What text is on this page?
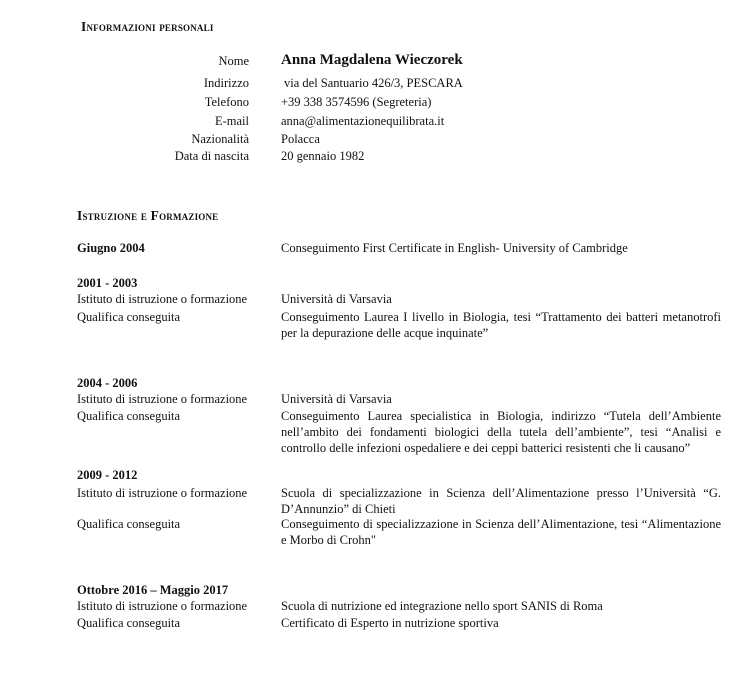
Informazioni personali
Nome Anna Magdalena Wieczorek
Indirizzo	via del Santuario 426/3, PESCARA
Telefono	+39 338 3574596 (Segreteria)
E-mail	anna@alimentazionequilibrata.it
Nazionalità	Polacca
Data di nascita	20 gennaio 1982
Istruzione e Formazione
Giugno 2004	Conseguimento First Certificate in English- University of Cambridge
2001 - 2003
Istituto di istruzione o formazione	Università di Varsavia
Qualifica conseguita	Conseguimento Laurea I livello in Biologia, tesi “Trattamento dei batteri metanotrofi per la depurazione delle acque inquinate”
2004 - 2006
Istituto di istruzione o formazione	Università di Varsavia
Qualifica conseguita	Conseguimento Laurea specialistica in Biologia, indirizzo “Tutela dell’Ambiente nell’ambito dei fondamenti biologici della tutela dell’ambiente”, tesi “Analisi e controllo delle infezioni ospedaliere e dei ceppi batterici resistenti che li causano”
2009 - 2012
Istituto di istruzione o formazione	Scuola di specializzazione in Scienza dell’Alimentazione presso l’Università “G. D’Annunzio” di Chieti
Qualifica conseguita	Conseguimento di specializzazione in Scienza dell’Alimentazione, tesi “Alimentazione e Morbo di Crohn"
Ottobre 2016 – Maggio 2017
Istituto di istruzione o formazione	Scuola di nutrizione ed integrazione nello sport SANIS di Roma
Qualifica conseguita	Certificato di Esperto in nutrizione sportiva
